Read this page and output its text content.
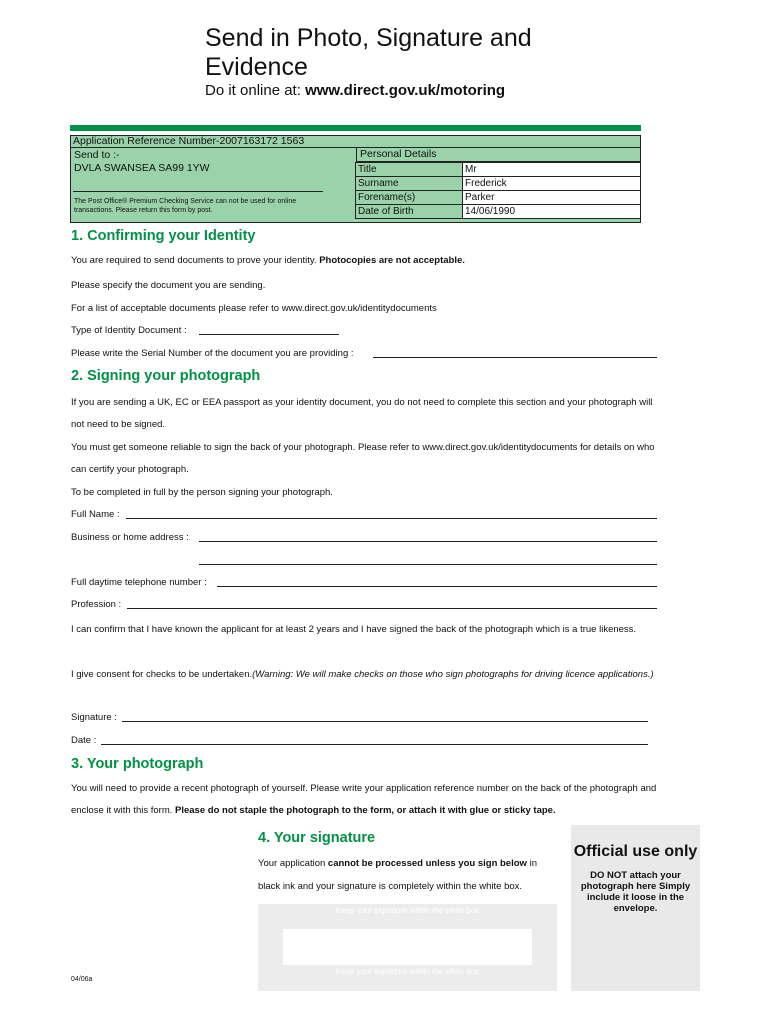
Send in Photo, Signature and Evidence
Do it online at: www.direct.gov.uk/motoring
Application Reference Number-2007163172 1563
Send to :-
DVLA SWANSEA SA99 1YW
The Post Office® Premium Checking Service can not be used for online transactions. Please return this form by post.
Personal Details
Title	Mr
Surname	Frederick
Forename(s)	Parker
Date of Birth	14/06/1990
1. Confirming your Identity
You are required to send documents to prove your identity. Photocopies are not acceptable.
Please specify the document you are sending.
For a list of acceptable documents please refer to www.direct.gov.uk/identitydocuments
Type of Identity Document :
Please write the Serial Number of the document you are providing :
2. Signing your photograph
If you are sending a UK, EC or EEA passport as your identity document, you do not need to complete this section and your photograph will not need to be signed.
You must get someone reliable to sign the back of your photograph. Please refer to www.direct.gov.uk/identitydocuments for details on who can certify your photograph.
To be completed in full by the person signing your photograph.
Full Name :
Business or home address :
Full daytime telephone number :
Profession :
I can confirm that I have known the applicant for at least 2 years and I have signed the back of the photograph which is a true likeness.
I give consent for checks to be undertaken.(Warning: We will make checks on those who sign photographs for driving licence applications.)
Signature :
Date :
3. Your photograph
You will need to provide a recent photograph of yourself. Please write your application reference number on the back of the photograph and enclose it with this form. Please do not staple the photograph to the form, or attach it with glue or sticky tape.
4. Your signature
Your application cannot be processed unless you sign below in black ink and your signature is completely within the white box.
Keep your signature within the white box
Keep your signature within the white box
Official use only
DO NOT attach your photograph here Simply include it loose in the envelope.
04/06a
